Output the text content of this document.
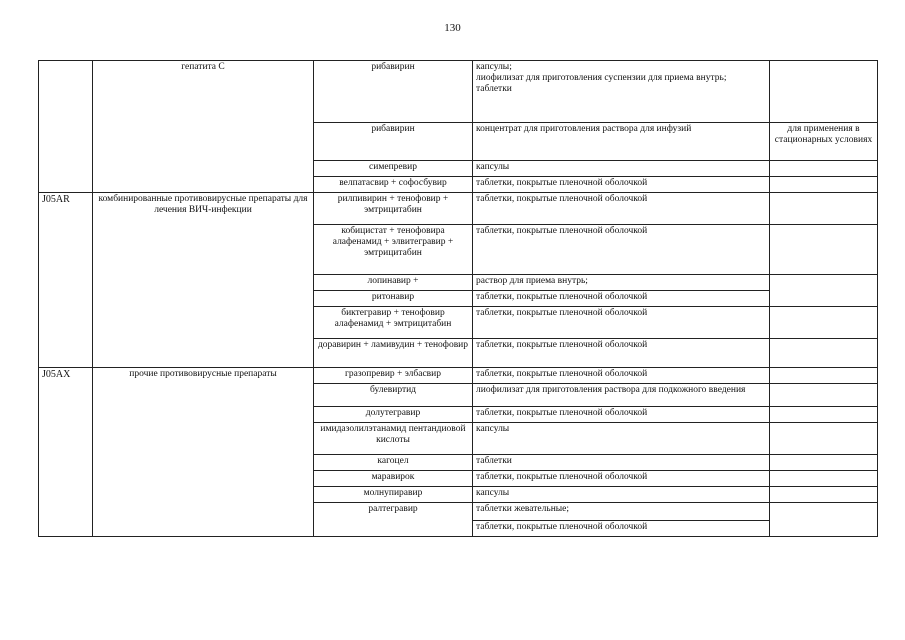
130
	гепатита С	рибавирин	капсулы;
лиофилизат для приготовления суспензии для приема внутрь;
таблетки	
		рибавирин	концентрат для приготовления раствора для инфузий	для применения в стационарных условиях
		симепревир	капсулы	
		велпатасвир + софосбувир	таблетки, покрытые пленочной оболочкой	
J05AR	комбинированные противовирусные препараты для лечения ВИЧ-инфекции	рилпивирин + тенофовир + эмтрицитабин	таблетки, покрытые пленочной оболочкой	
		кобицистат + тенофовира алафенамид + элвитегравир + эмтрицитабин	таблетки, покрытые пленочной оболочкой	
		лопинавир +	раствор для приема внутрь;	
		ритонавир	таблетки, покрытые пленочной оболочкой	
		биктегравир + тенофовир алафенамид + эмтрицитабин	таблетки, покрытые пленочной оболочкой	
		доравирин + ламивудин + тенофовир	таблетки, покрытые пленочной оболочкой	
J05AX	прочие противовирусные препараты	гразопревир + элбасвир	таблетки, покрытые пленочной оболочкой	
		булевиртид	лиофилизат для приготовления раствора для подкожного введения	
		долутегравир	таблетки, покрытые пленочной оболочкой	
		имидазолилэтанамид пентандиовой кислоты	капсулы	
		кагоцел	таблетки	
		маравирок	таблетки, покрытые пленочной оболочкой	
		молнупиравир	капсулы	
		ралтегравир	таблетки жевательные;	
			таблетки, покрытые пленочной оболочкой	
